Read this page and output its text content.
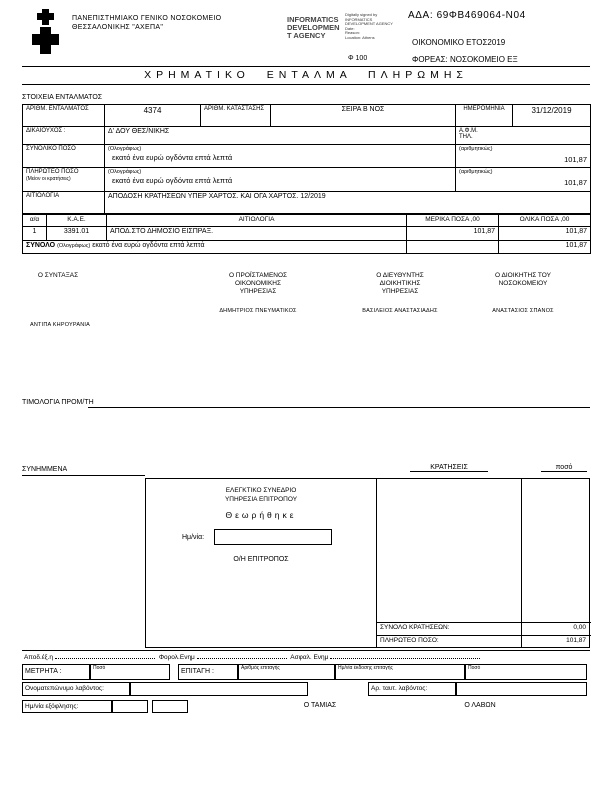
ΠΑΝΕΠΙΣΤΗΜΙΑΚΟ ΓΕΝΙΚΟ ΝΟΣΟΚΟΜΕΙΟ
ΘΕΣΣΑΛΟΝΙΚΗΣ "ΑΧΕΠΑ"
INFORMATICS
DEVELOPMEN
T AGENCY
Digitally signed by
INFORMATICS
DEVELOPMENT AGENCY
Date:
Reason:
Location: Athens
ΑΔΑ: 69ΦΒ469064-Ν04
ΟΙΚΟΝΟΜΙΚΟ ΕΤΟΣ2019
Φ 100	ΦΟΡΕΑΣ: ΝΟΣΟΚΟΜΕΙΟ ΕΞ
ΧΡΗΜΑΤΙΚΟ ΕΝΤΑΛΜΑ ΠΛΗΡΩΜΗΣ
ΣΤΟΙΧΕΙΑ ΕΝΤΑΛΜΑΤΟΣ
ΑΡΙΘΜ. ΕΝΤΑΛΜΑΤΟΣ	4374	ΑΡΙΘΜ. ΚΑΤΑΣΤΑΣΗΣ	ΣΕΙΡΑ Β ΝΟΣ	ΗΜΕΡΟΜΗΝΙΑ	31/12/2019
ΔΙΚΑΙΟΥΧΟΣ :	Δ' ΔΟΥ ΘΕΣ/ΝΙΚΗΣ			Α.Φ.Μ.
ΤΗΛ.	

ΣΥΝΟΛΙΚΟ ΠΟΣΟ	(Ολογράφως)
εκατό ένα ευρώ ογδόντα επτά λεπτά			(αριθμητικώς)
101,87	

ΠΛΗΡΩΤΕΟ ΠΟΣΟ
(Μείον οι κρατήσεις)	(Ολογράφως)
εκατό ένα ευρώ ογδόντα επτά λεπτά			(αριθμητικώς)
101,87	

ΑΙΤΙΟΛΟΓΙΑ	ΑΠΟΔΟΣΗ ΚΡΑΤΗΣΕΩΝ ΥΠΕΡ ΧΑΡΤΟΣ. ΚΑΙ ΟΓΑ ΧΑΡΤΟΣ. 12/2019				
α/α	Κ.Α.Ε.	ΑΙΤΙΟΛΟΓΙΑ	ΜΕΡΙΚΑ ΠΟΣΑ ,00	ΟΛΙΚΑ ΠΟΣΑ ,00
1	3391.01	ΑΠΟΔ.ΣΤΟ ΔΗΜΟΣΙΟ ΕΙΣΠΡΑΞ.	101,87	101,87
ΣΥΝΟΛΟ (Ολογράφως) εκατό ένα ευρώ ογδόντα επτά λεπτά				101,87
Ο ΣΥΝΤΑΞΑΣ	Ο ΠΡΟΪΣΤΑΜΕΝΟΣ
ΟΙΚΟΝΟΜΙΚΗΣ
ΥΠΗΡΕΣΙΑΣ
Ο ΔΙΕΥΘΥΝΤΗΣ
ΔΙΟΙΚΗΤΙΚΗΣ
ΥΠΗΡΕΣΙΑΣ
Ο ΔΙΟΙΚΗΤΗΣ ΤΟΥ
ΝΟΣΟΚΟΜΕΙΟΥ
ΔΗΜΗΤΡΙΟΣ ΠΝΕΥΜΑΤΙΚΟΣ	ΒΑΣΙΛΕΙΟΣ ΑΝΑΣΤΑΣΙΑΔΗΣ	ΑΝΑΣΤΑΣΙΟΣ ΣΠΑΝΟΣ
ΑΝΤΙΠΑ ΚΗΡΟΥΡΑΝΙΑ
ΤΙΜΟΛΟΓΙΑ ΠΡΟΜ/ΤΗ
ΣΥΝΗΜΜΕΝΑ	ΚΡΑΤΗΣΕΙΣ	ποσό
ΕΛΕΓΚΤΙΚΟ ΣΥΝΕΔΡΙΟ
ΥΠΗΡΕΣΙΑ ΕΠΙΤΡΟΠΟΥ
Θεωρήθηκε
Ημ/νία:
Ο/Η ΕΠΙΤΡΟΠΟΣ
ΣΥΝΟΛΟ ΚΡΑΤΗΣΕΩΝ:	0,00
ΠΛΗΡΩΤΕΟ ΠΟΣΟ:	101,87
Αποδ.έξ.η	Φορολ.Ενημ	Ασφαλ. Ενημ
ΜΕΤΡΗΤΑ :	Ποσό	ΕΠΙΤΑΓΗ :	Αριθμός επιταγής	Ημ/νία έκδοσης επιταγής	Ποσό
Ονοματεπώνυμο λαβόντος:	Αρ. ταυτ. λαβόντος:
Ημ/νία εξόφλησης:	Ο ΤΑΜΙΑΣ	Ο ΛΑΒΩΝ
